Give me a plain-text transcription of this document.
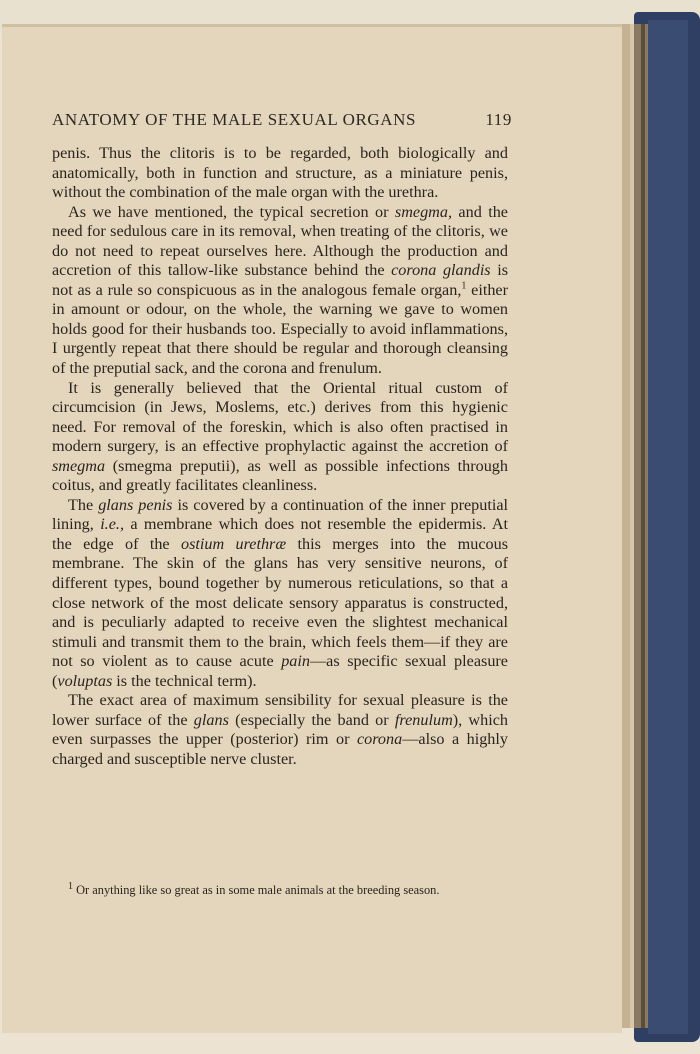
ANATOMY OF THE MALE SEXUAL ORGANS	119

penis. Thus the clitoris is to be regarded, both biologically and anatomically, both in function and structure, as a miniature penis, without the combination of the male organ with the urethra.

As we have mentioned, the typical secretion or smegma, and the need for sedulous care in its removal, when treating of the clitoris, we do not need to repeat ourselves here. Although the production and accretion of this tallow-like substance behind the corona glandis is not as a rule so conspicuous as in the analogous female organ,$^1$ either in amount or odour, on the whole, the warning we gave to women holds good for their husbands too. Especially to avoid inflammations, I urgently repeat that there should be regular and thorough cleansing of the preputial sack, and the corona and frenulum.

It is generally believed that the Oriental ritual custom of circumcision (in Jews, Moslems, etc.) derives from this hygienic need. For removal of the foreskin, which is also often practised in modern surgery, is an effective prophylactic against the accretion of smegma (smegma preputii), as well as possible infections through coitus, and greatly facilitates cleanliness.

The glans penis is covered by a continuation of the inner preputial lining, i.e., a membrane which does not resemble the epidermis. At the edge of the ostium urethræ this merges into the mucous membrane. The skin of the glans has very sensitive neurons, of different types, bound together by numerous reticulations, so that a close network of the most delicate sensory apparatus is constructed, and is peculiarly adapted to receive even the slightest mechanical stimuli and transmit them to the brain, which feels them—if they are not so violent as to cause acute pain—as specific sexual pleasure (voluptas is the technical term).

The exact area of maximum sensibility for sexual pleasure is the lower surface of the glans (especially the band or frenulum), which even surpasses the upper (posterior) rim or corona—also a highly charged and susceptible nerve cluster.

$^1$ Or anything like so great as in some male animals at the breeding season.
